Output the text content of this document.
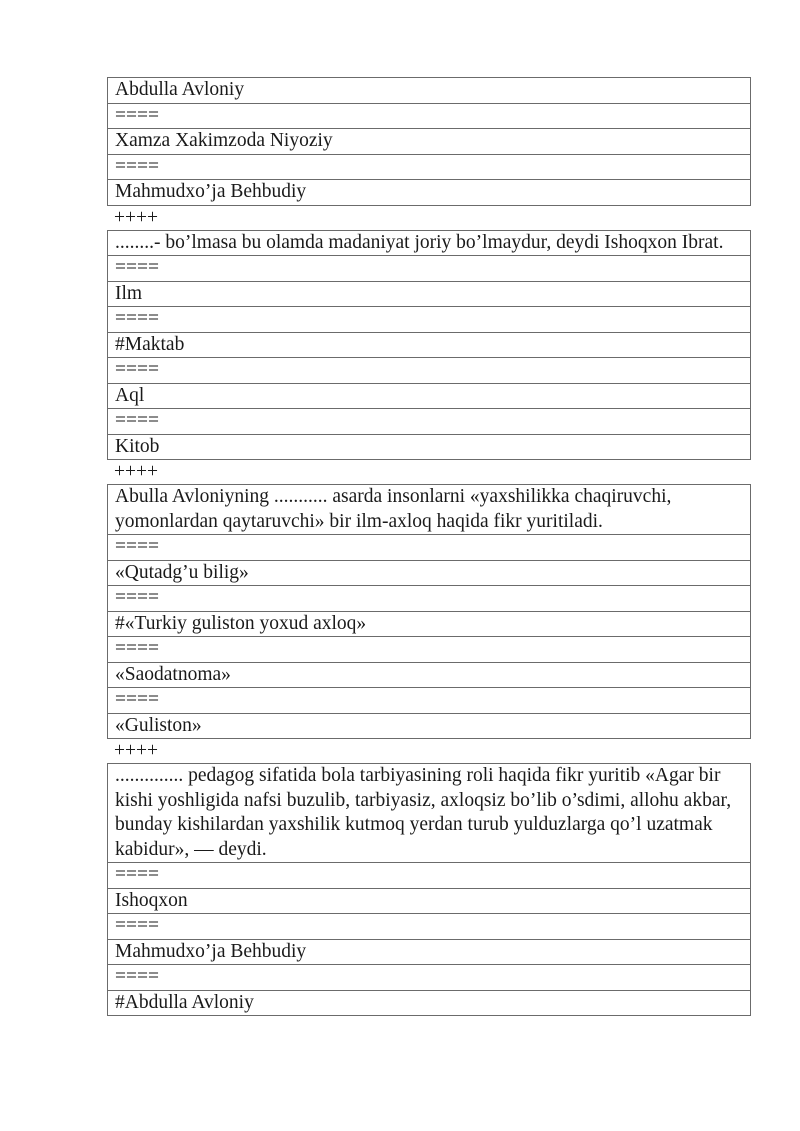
Abdulla Avloniy
====
Xamza Xakimzoda Niyoziy
====
Mahmudxo’ja Behbudiy
++++
........- bo’lmasa bu olamda madaniyat joriy bo’lmaydur, deydi Ishoqxon Ibrat.
====
Ilm
====
#Maktab
====
Aql
====
Kitob
++++
Abulla Avloniyning ........... asarda insonlarni «yaxshilikka chaqiruvchi, yomonlardan qaytaruvchi» bir ilm-axloq haqida fikr yuritiladi.
====
«Qutadg’u bilig»
====
#«Turkiy guliston yoxud axloq»
====
«Saodatnoma»
====
«Guliston»
++++
.............. pedagog sifatida bola tarbiyasining roli haqida fikr yuritib «Agar bir kishi yoshligida nafsi buzulib, tarbiyasiz, axloqsiz bo’lib o’sdimi, allohu akbar, bunday kishilardan yaxshilik kutmoq yerdan turub yulduzlarga qo’l uzatmak kabidur», — deydi.
====
Ishoqxon
====
Mahmudxo’ja Behbudiy
====
#Abdulla Avloniy
